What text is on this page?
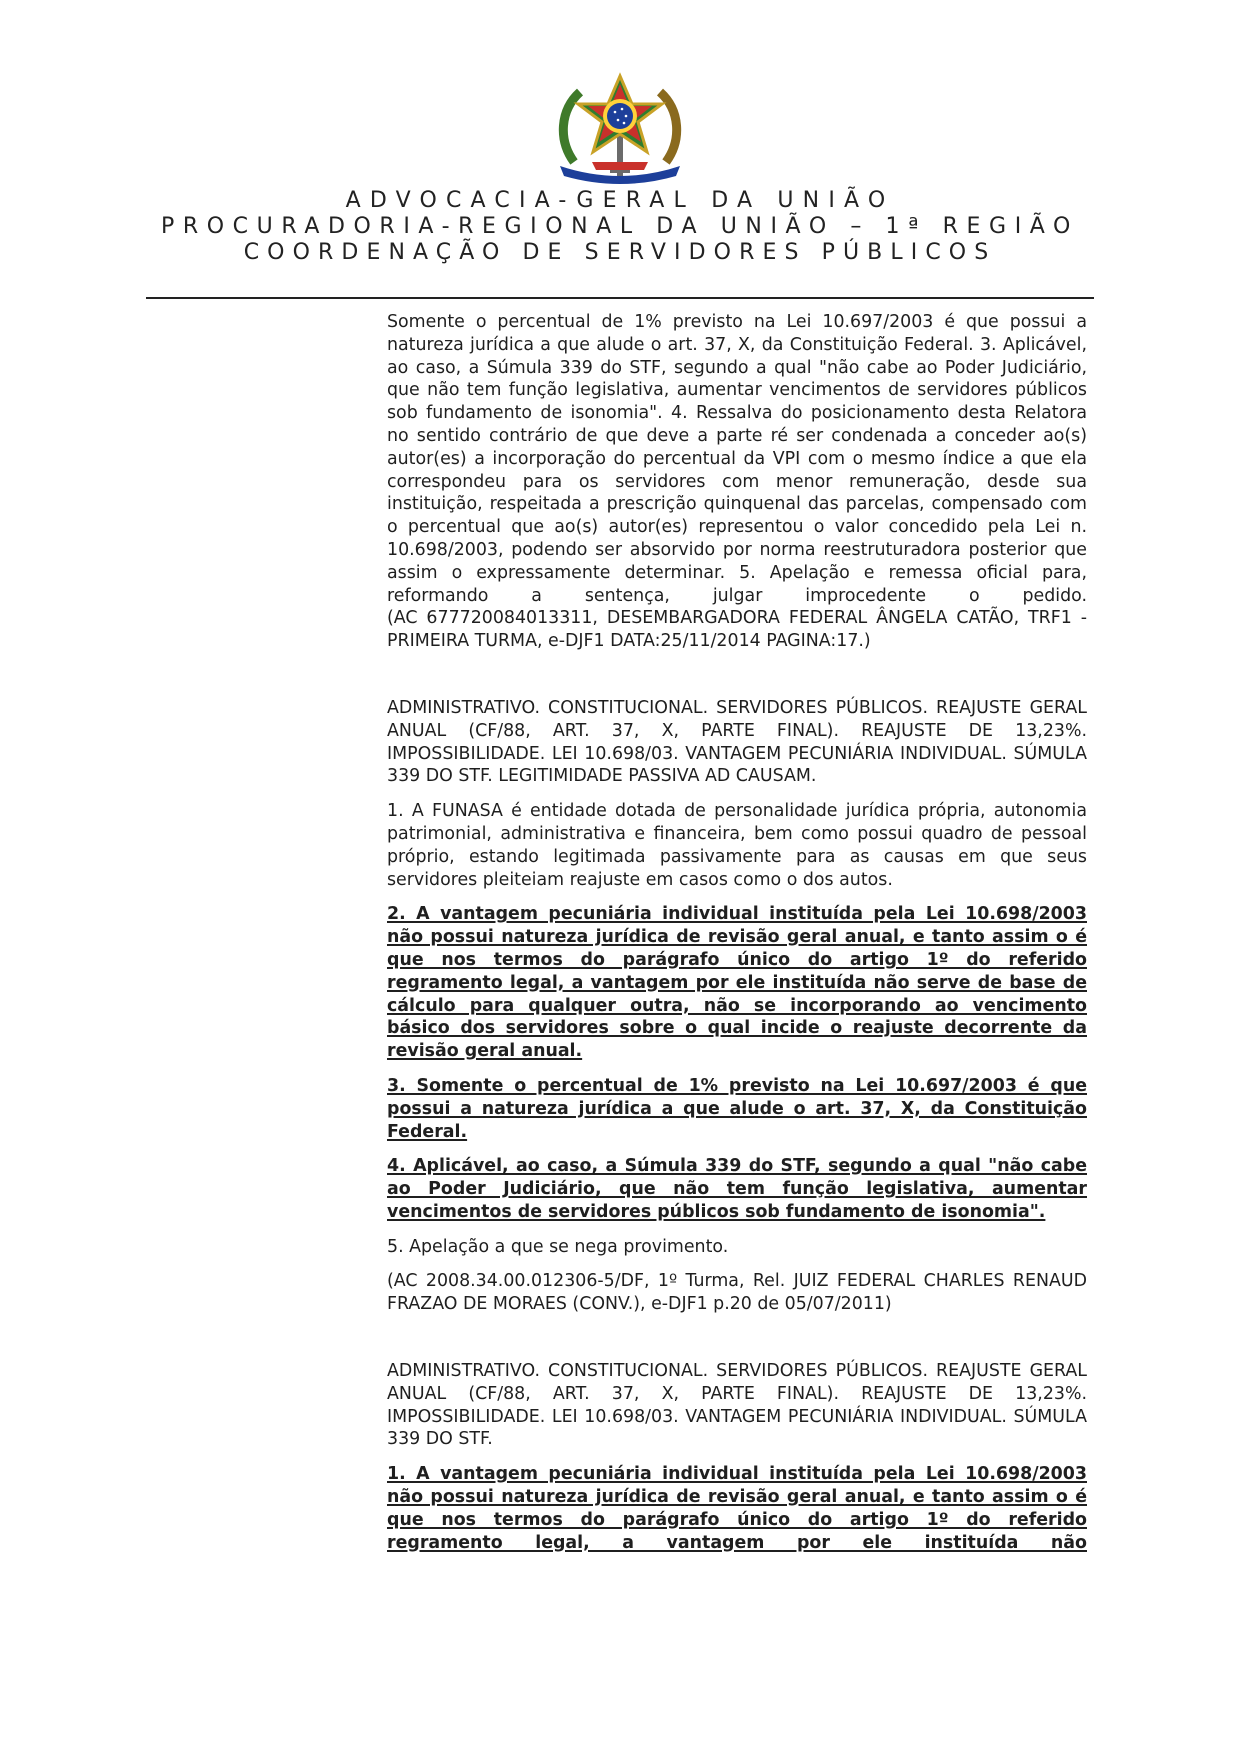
ADVOCACIA-GERAL DA UNIÃO
PROCURADORIA-REGIONAL DA UNIÃO – 1ª REGIÃO
COORDENAÇÃO DE SERVIDORES PÚBLICOS

Somente o percentual de 1% previsto na Lei 10.697/2003 é que possui a natureza jurídica a que alude o art. 37, X, da Constituição Federal. 3. Aplicável, ao caso, a Súmula 339 do STF, segundo a qual "não cabe ao Poder Judiciário, que não tem função legislativa, aumentar vencimentos de servidores públicos sob fundamento de isonomia". 4. Ressalva do posicionamento desta Relatora no sentido contrário de que deve a parte ré ser condenada a conceder ao(s) autor(es) a incorporação do percentual da VPI com o mesmo índice a que ela correspondeu para os servidores com menor remuneração, desde sua instituição, respeitada a prescrição quinquenal das parcelas, compensado com o percentual que ao(s) autor(es) representou o valor concedido pela Lei n. 10.698/2003, podendo ser absorvido por norma reestruturadora posterior que assim o expressamente determinar. 5. Apelação e remessa oficial para, reformando a sentença, julgar improcedente o pedido.

(AC 677720084013311, DESEMBARGADORA FEDERAL ÂNGELA CATÃO, TRF1 - PRIMEIRA TURMA, e-DJF1 DATA:25/11/2014 PAGINA:17.)

ADMINISTRATIVO. CONSTITUCIONAL. SERVIDORES PÚBLICOS. REAJUSTE GERAL ANUAL (CF/88, ART. 37, X, PARTE FINAL). REAJUSTE DE 13,23%. IMPOSSIBILIDADE. LEI 10.698/03. VANTAGEM PECUNIÁRIA INDIVIDUAL. SÚMULA 339 DO STF. LEGITIMIDADE PASSIVA AD CAUSAM.

1. A FUNASA é entidade dotada de personalidade jurídica própria, autonomia patrimonial, administrativa e financeira, bem como possui quadro de pessoal próprio, estando legitimada passivamente para as causas em que seus servidores pleiteiam reajuste em casos como o dos autos.

2. A vantagem pecuniária individual instituída pela Lei 10.698/2003 não possui natureza jurídica de revisão geral anual, e tanto assim o é que nos termos do parágrafo único do artigo 1º do referido regramento legal, a vantagem por ele instituída não serve de base de cálculo para qualquer outra, não se incorporando ao vencimento básico dos servidores sobre o qual incide o reajuste decorrente da revisão geral anual.

3. Somente o percentual de 1% previsto na Lei 10.697/2003 é que possui a natureza jurídica a que alude o art. 37, X, da Constituição Federal.

4. Aplicável, ao caso, a Súmula 339 do STF, segundo a qual "não cabe ao Poder Judiciário, que não tem função legislativa, aumentar vencimentos de servidores públicos sob fundamento de isonomia".

5. Apelação a que se nega provimento.

(AC 2008.34.00.012306-5/DF, 1º Turma, Rel. JUIZ FEDERAL CHARLES RENAUD FRAZAO DE MORAES (CONV.), e-DJF1 p.20 de 05/07/2011)

ADMINISTRATIVO. CONSTITUCIONAL. SERVIDORES PÚBLICOS. REAJUSTE GERAL ANUAL (CF/88, ART. 37, X, PARTE FINAL). REAJUSTE DE 13,23%. IMPOSSIBILIDADE. LEI 10.698/03. VANTAGEM PECUNIÁRIA INDIVIDUAL. SÚMULA 339 DO STF.

1. A vantagem pecuniária individual instituída pela Lei 10.698/2003 não possui natureza jurídica de revisão geral anual, e tanto assim o é que nos termos do parágrafo único do artigo 1º do referido regramento legal, a vantagem por ele instituída não
